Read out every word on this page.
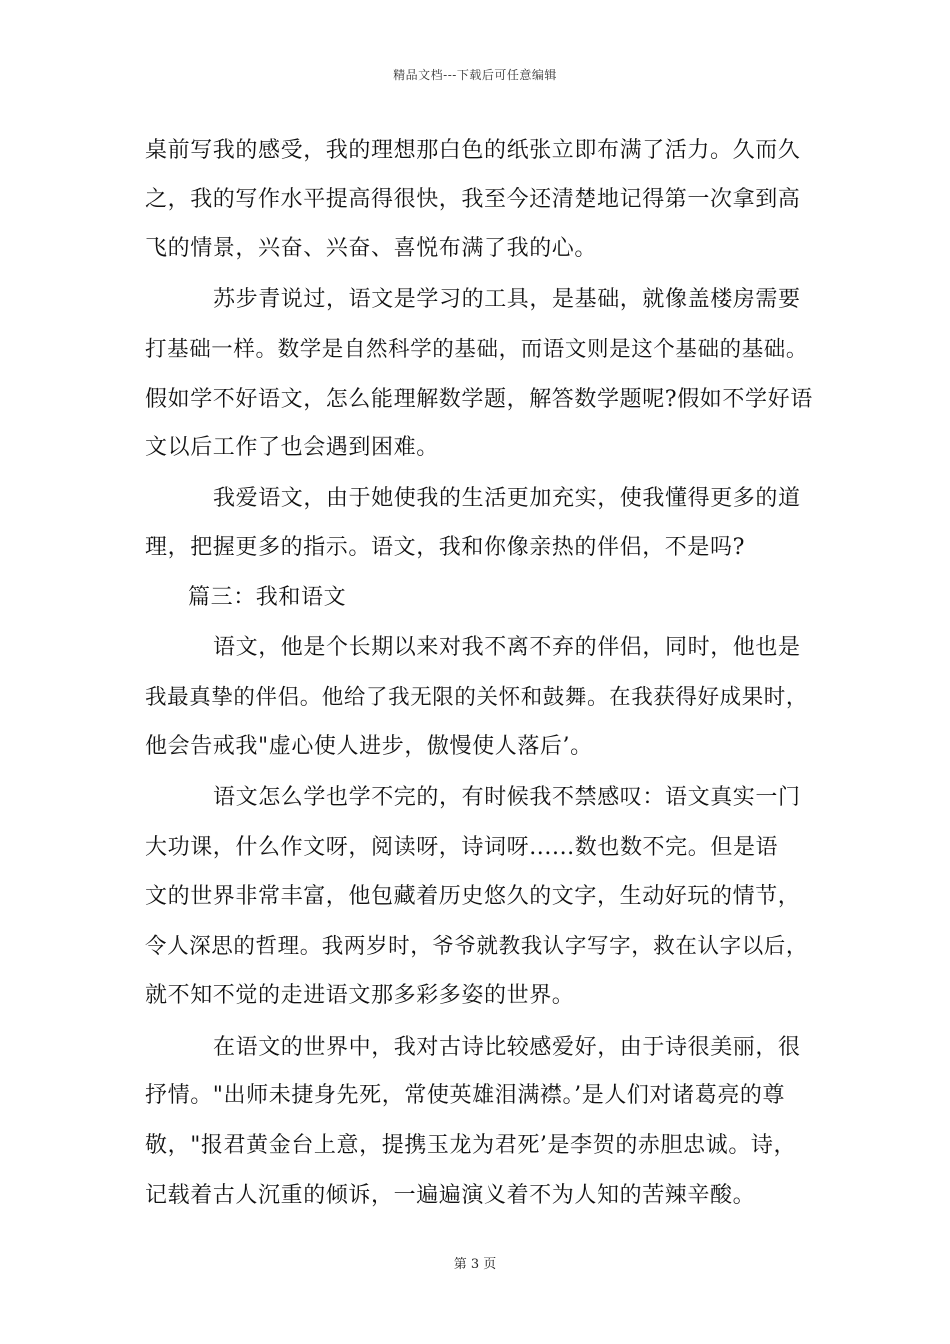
精品文档---下载后可任意编辑
桌前写我的感受，我的理想那白色的纸张立即布满了活力。久而久
之，我的写作水平提高得很快，我至今还清楚地记得第一次拿到高
飞的情景，兴奋、兴奋、喜悦布满了我的心。
苏步青说过，语文是学习的工具，是基础，就像盖楼房需要
打基础一样。数学是自然科学的基础，而语文则是这个基础的基础。
假如学不好语文，怎么能理解数学题，解答数学题呢?假如不学好语
文以后工作了也会遇到困难。
我爱语文，由于她使我的生活更加充实，使我懂得更多的道
理，把握更多的指示。语文，我和你像亲热的伴侣，不是吗?
篇三：我和语文
语文，他是个长期以来对我不离不弃的伴侣，同时，他也是
我最真挚的伴侣。他给了我无限的关怀和鼓舞。在我获得好成果时，
他会告戒我"虚心使人进步，傲慢使人落后’。
语文怎么学也学不完的，有时候我不禁感叹：语文真实一门
大功课，什么作文呀，阅读呀，诗词呀......数也数不完。但是语
文的世界非常丰富，他包藏着历史悠久的文字，生动好玩的情节，
令人深思的哲理。我两岁时，爷爷就教我认字写字，救在认字以后，
就不知不觉的走进语文那多彩多姿的世界。
在语文的世界中，我对古诗比较感爱好，由于诗很美丽，很
抒情。"出师未捷身先死，常使英雄泪满襟。’是人们对诸葛亮的尊
敬，"报君黄金台上意，提携玉龙为君死’是李贺的赤胆忠诚。诗，
记载着古人沉重的倾诉，一遍遍演义着不为人知的苦辣辛酸。
第 3 页
